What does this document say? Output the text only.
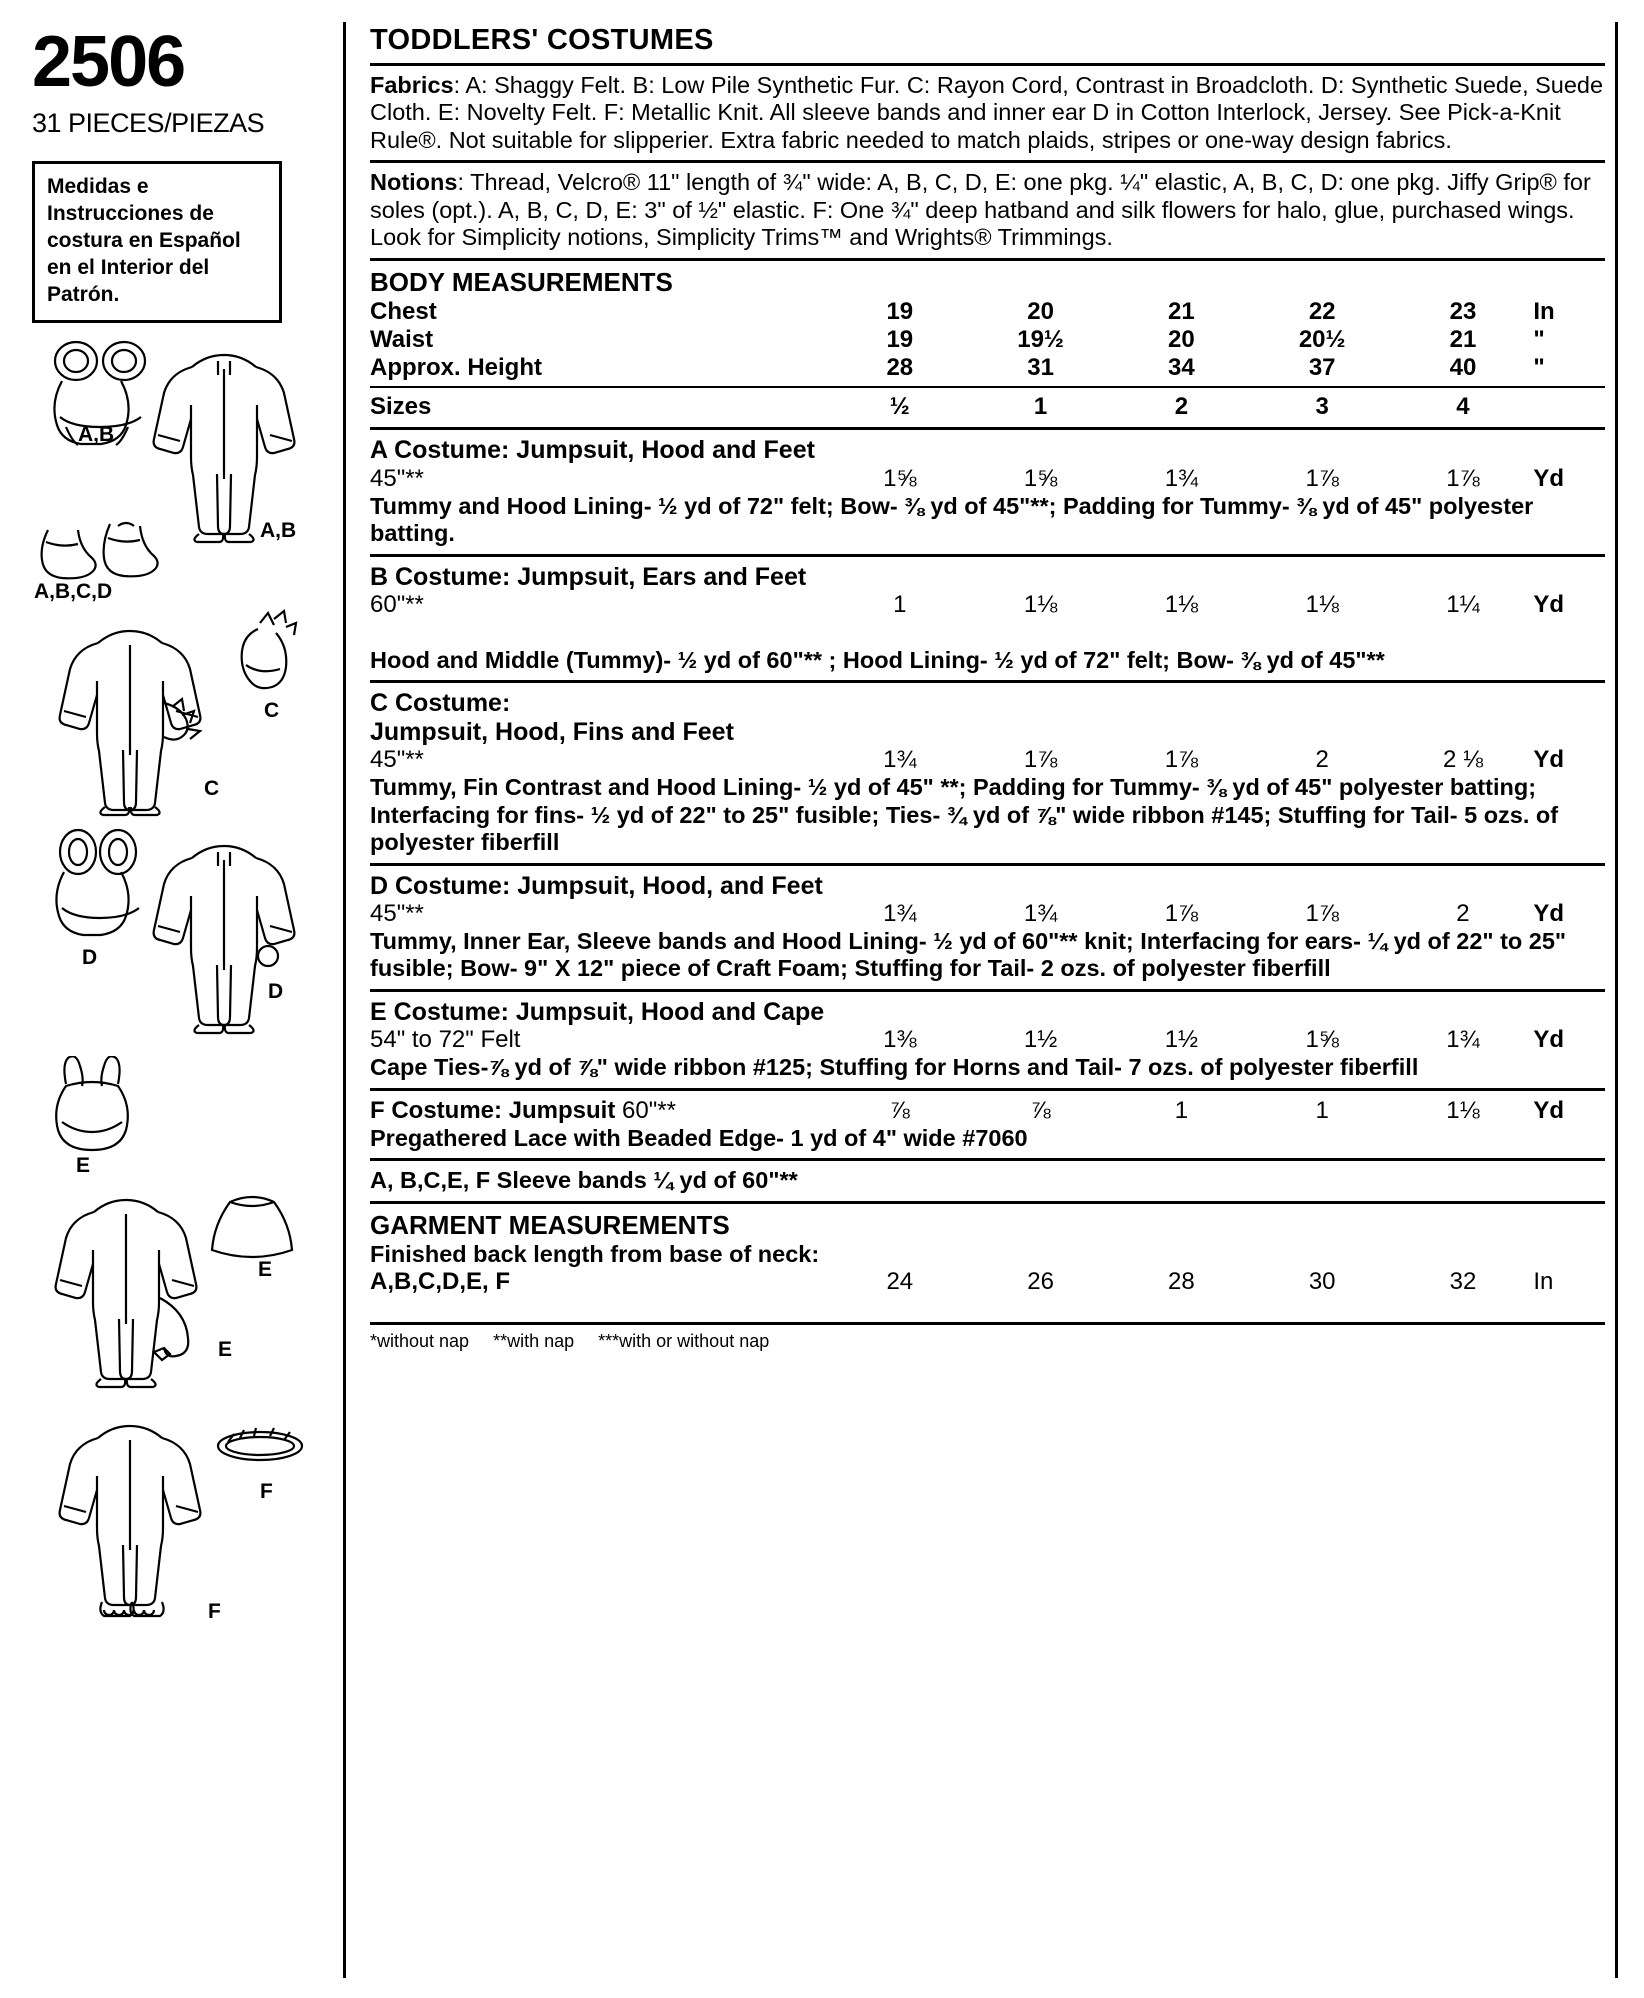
2506
31 PIECES/PIEZAS
Medidas e Instrucciones de costura en Español en el Interior del Patrón.
A,B
A,B
A,B,C,D
C
C
D
D
E
E
E
F
F
TODDLERS' COSTUMES
Fabrics: A: Shaggy Felt. B: Low Pile Synthetic Fur. C: Rayon Cord, Contrast in Broadcloth. D: Synthetic Suede, Suede Cloth. E: Novelty Felt. F: Metallic Knit. All sleeve bands and inner ear D in Cotton Interlock, Jersey. See Pick-a-Knit Rule®. Not suitable for slipperier. Extra fabric needed to match plaids, stripes or one-way design fabrics.
Notions: Thread, Velcro® 11" length of ¾" wide: A, B, C, D, E: one pkg. ¼" elastic, A, B, C, D: one pkg. Jiffy Grip® for soles (opt.). A, B, C, D, E: 3" of ½" elastic. F: One ¾" deep hatband and silk flowers for halo, glue, purchased wings. Look for Simplicity notions, Simplicity Trims™ and Wrights® Trimmings.
BODY MEASUREMENTS
Chest	19	20	21	22	23	In
Waist	19	19½	20	20½	21	"
Approx. Height	28	31	34	37	40	"
Sizes	½	1	2	3	4	
A Costume: Jumpsuit, Hood and Feet
45"**	1⅝	1⅝	1¾	1⅞	1⅞	Yd
Tummy and Hood Lining- ½ yd of 72" felt; Bow- ⅜ yd of 45"**; Padding for Tummy- ⅜ yd of 45" polyester batting.
B Costume: Jumpsuit, Ears and Feet
60"**	1	1⅛	1⅛	1⅛	1¼	Yd
Hood and Middle (Tummy)- ½ yd of 60"** ; Hood Lining- ½ yd of 72" felt; Bow- ⅜ yd of 45"**
C Costume:
Jumpsuit, Hood, Fins and Feet
45"**	1¾	1⅞	1⅞	2	2 ⅛	Yd
Tummy, Fin Contrast and Hood Lining- ½ yd of 45" **; Padding for Tummy- ⅜ yd of 45" polyester batting; Interfacing for fins- ½ yd of 22" to 25" fusible; Ties- ¾ yd of ⅞" wide ribbon #145; Stuffing for Tail- 5 ozs. of polyester fiberfill
D Costume: Jumpsuit, Hood, and Feet
45"**	1¾	1¾	1⅞	1⅞	2	Yd
Tummy, Inner Ear, Sleeve bands and Hood Lining- ½ yd of 60"** knit; Interfacing for ears- ¼ yd of 22" to 25" fusible; Bow- 9" X 12" piece of Craft Foam; Stuffing for Tail- 2 ozs. of polyester fiberfill
E Costume: Jumpsuit, Hood and Cape
54" to 72" Felt	1⅜	1½	1½	1⅝	1¾	Yd
Cape Ties-⅞ yd of ⅞" wide ribbon #125; Stuffing for Horns and Tail- 7 ozs. of polyester fiberfill
F Costume: Jumpsuit 60"**	⅞	⅞	1	1	1⅛	Yd
Pregathered Lace with Beaded Edge- 1 yd of 4" wide #7060
A, B,C,E, F Sleeve bands ¼ yd of 60"**
GARMENT MEASUREMENTS
Finished back length from base of neck:
A,B,C,D,E, F	24	26	28	30	32	In
*without nap **with nap ***with or without nap
